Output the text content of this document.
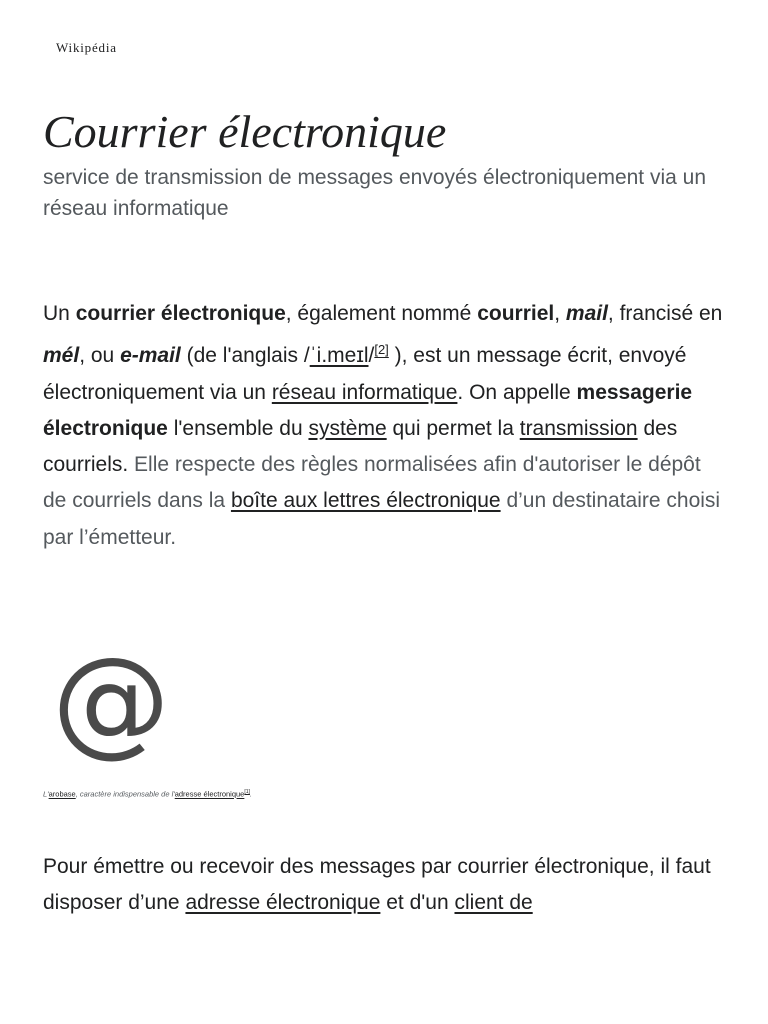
Wikipédia
Courrier électronique

service de transmission de messages envoyés électroniquement via un réseau informatique

Un courrier électronique, également nommé courriel, mail, francisé en mél, ou e-mail (de l'anglais /ˈi.meɪl/[2] ), est un message écrit, envoyé électroniquement via un réseau informatique. On appelle messagerie électronique l'ensemble du système qui permet la transmission des courriels. Elle respecte des règles normalisées afin d'autoriser le dépôt de courriels dans la boîte aux lettres électronique d’un destinataire choisi par l’émetteur.

@
L'arobase, caractère indispensable de l'adresse électronique[1].

Pour émettre ou recevoir des messages par courrier électronique, il faut disposer d’une adresse électronique et d'un client de
